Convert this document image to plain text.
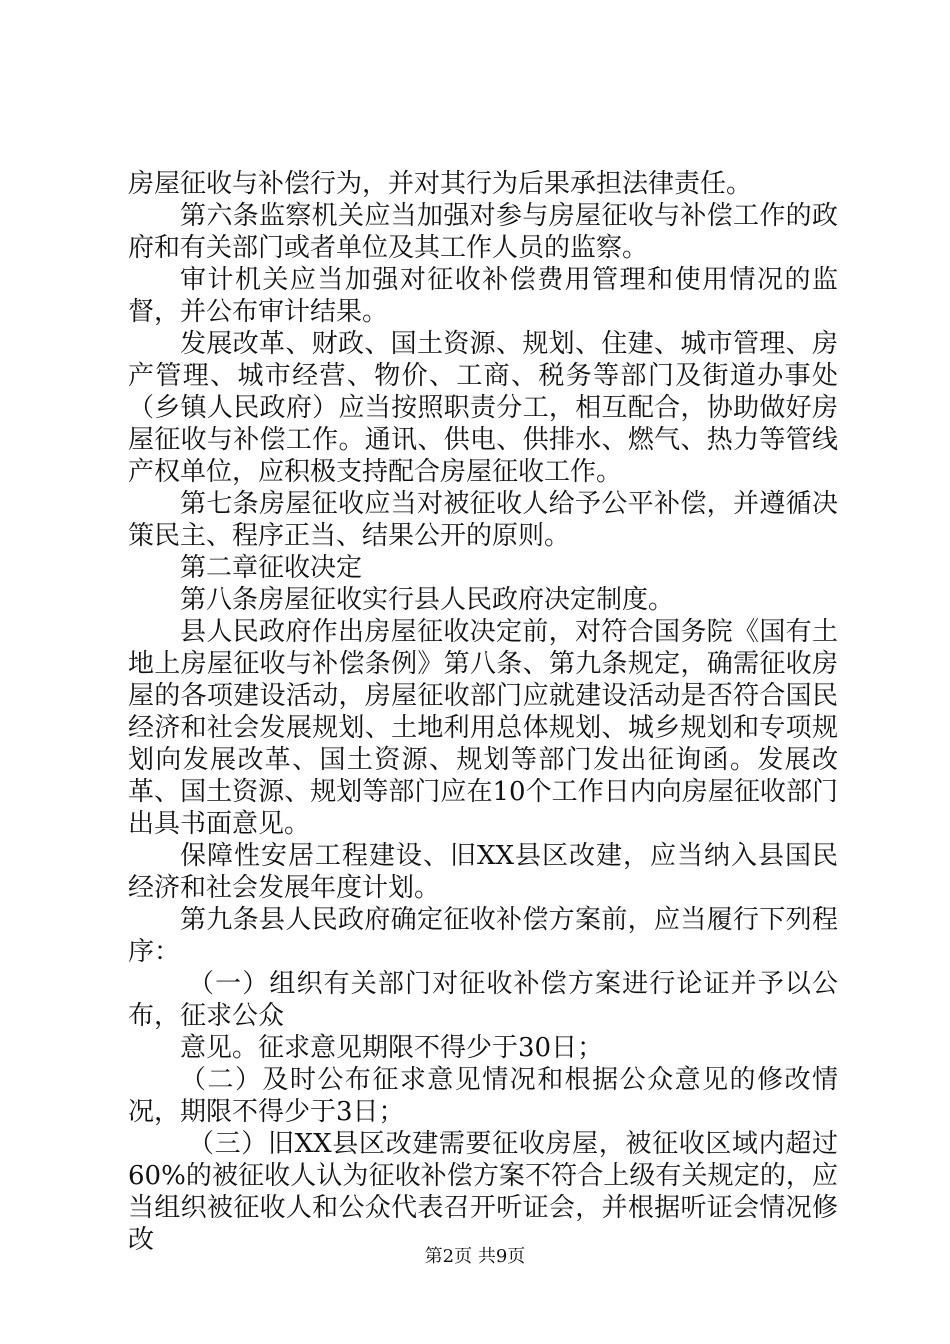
房屋征收与补偿行为，并对其行为后果承担法律责任。

第六条监察机关应当加强对参与房屋征收与补偿工作的政府和有关部门或者单位及其工作人员的监察。

审计机关应当加强对征收补偿费用管理和使用情况的监督，并公布审计结果。

发展改革、财政、国土资源、规划、住建、城市管理、房产管理、城市经营、物价、工商、税务等部门及街道办事处（乡镇人民政府）应当按照职责分工，相互配合，协助做好房屋征收与补偿工作。通讯、供电、供排水、燃气、热力等管线产权单位，应积极支持配合房屋征收工作。

第七条房屋征收应当对被征收人给予公平补偿，并遵循决策民主、程序正当、结果公开的原则。

第二章征收决定

第八条房屋征收实行县人民政府决定制度。

县人民政府作出房屋征收决定前，对符合国务院《国有土地上房屋征收与补偿条例》第八条、第九条规定，确需征收房屋的各项建设活动，房屋征收部门应就建设活动是否符合国民经济和社会发展规划、土地利用总体规划、城乡规划和专项规划向发展改革、国土资源、规划等部门发出征询函。发展改革、国土资源、规划等部门应在10个工作日内向房屋征收部门出具书面意见。

保障性安居工程建设、旧XX县区改建，应当纳入县国民经济和社会发展年度计划。

第九条县人民政府确定征收补偿方案前，应当履行下列程序：

（一）组织有关部门对征收补偿方案进行论证并予以公布，征求公众

意见。征求意见期限不得少于30日；

（二）及时公布征求意见情况和根据公众意见的修改情况，期限不得少于3日；

（三）旧XX县区改建需要征收房屋，被征收区域内超过60%的被征收人认为征收补偿方案不符合上级有关规定的，应当组织被征收人和公众代表召开听证会，并根据听证会情况修改

第2页 共9页
